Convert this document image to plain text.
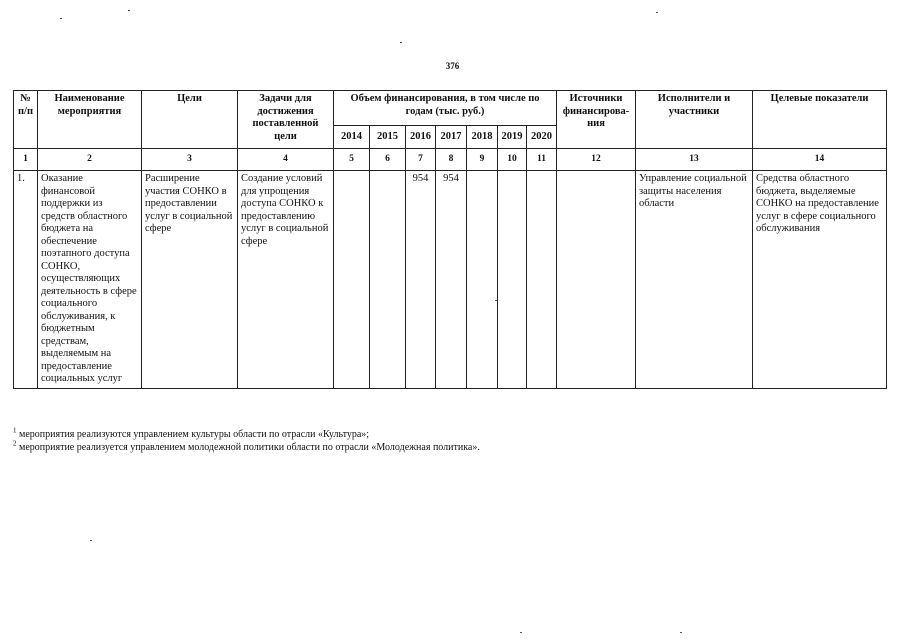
376
№ п/п	Наименование мероприятия	Цели	Задачи для достижения поставленной цели	Объем финансирования, в том числе по годам (тыс. руб.)							Источники финансирова-ния	Исполнители и участники	Целевые показатели
				2014	2015	2016	2017	2018	2019	2020			
1	2	3	4	5	6	7	8	9	10	11	12	13	14
1.	Оказание финансовой поддержки из средств областного бюджета на обеспечение поэтапного доступа СОНКО, осуществляющих деятельность в сфере социального обслуживания, к бюджетным средствам, выделяемым на предоставление социальных услуг	Расширение участия СОНКО в предоставлении услуг в социальной сфере	Создание условий для упрощения доступа СОНКО к предоставлению услуг в социальной сфере			954	954					Управление социальной защиты населения области	Средства областного бюджета, выделяемые СОНКО на предоставление услуг в сфере социального обслуживания
$^1$ мероприятия реализуются управлением культуры области по отрасли «Культура»;
$^2$ мероприятие реализуется управлением молодежной политики области по отрасли «Молодежная политика».
